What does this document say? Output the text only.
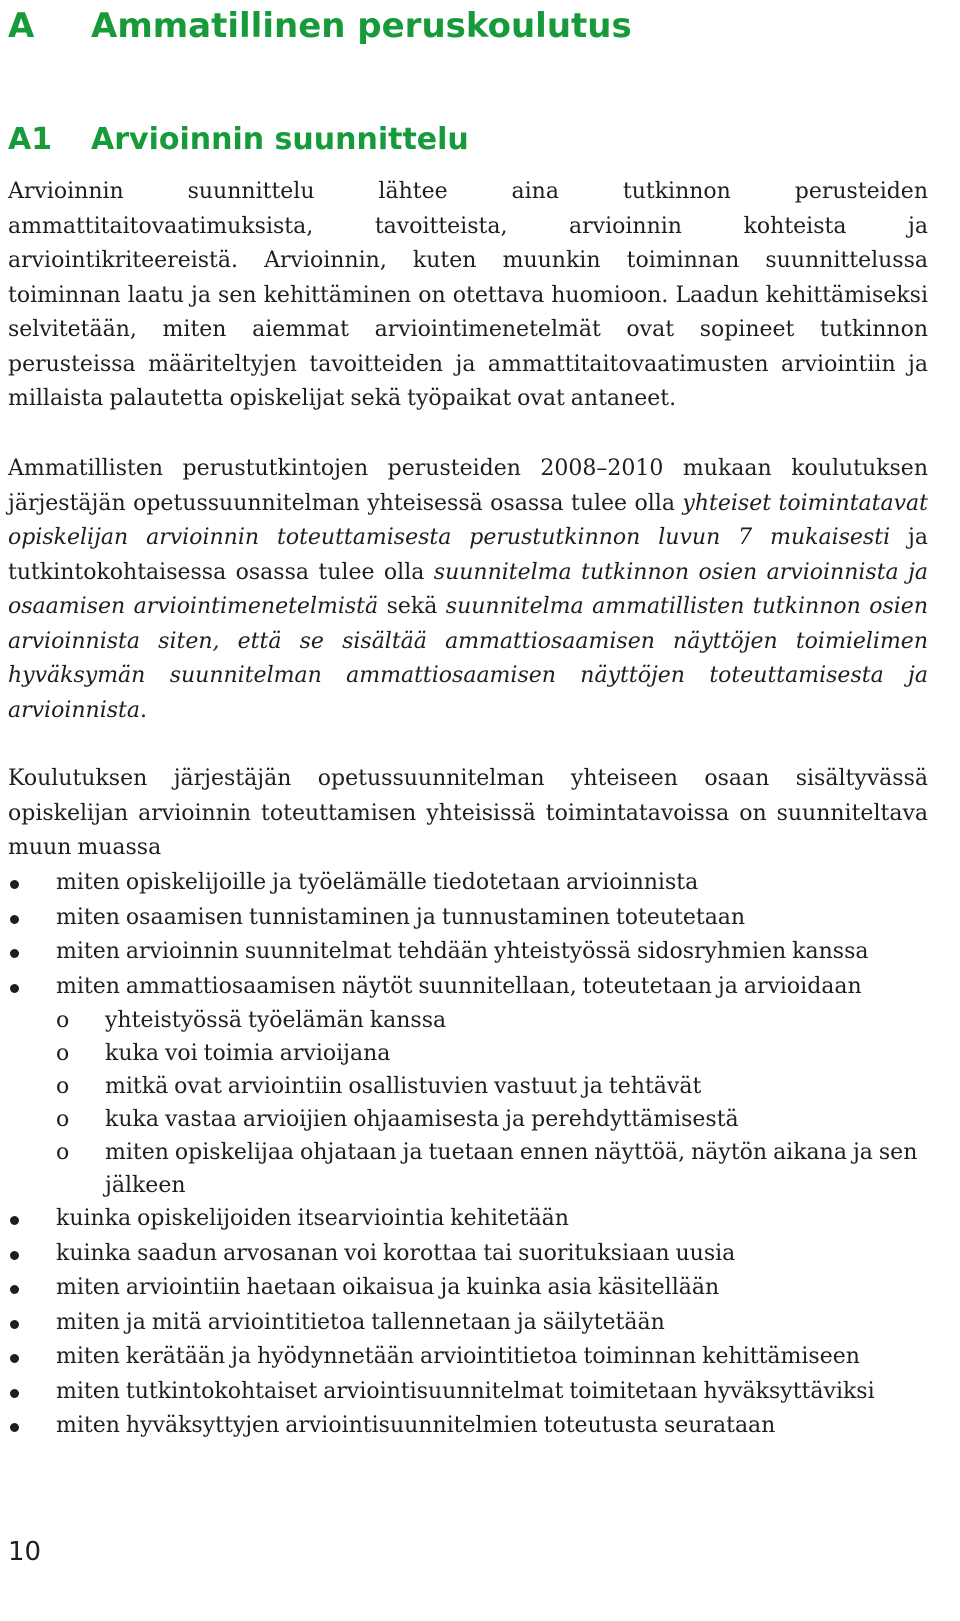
A Ammatillinen peruskoulutus
A1 Arvioinnin suunnittelu

Arvioinnin suunnittelu lähtee aina tutkinnon perusteiden ammattitaitovaatimuksista, tavoitteista, arvioinnin kohteista ja arviointikriteereistä. Arvioinnin, kuten muunkin toiminnan suunnittelussa toiminnan laatu ja sen kehittäminen on otettava huomioon. Laadun kehittämiseksi selvitetään, miten aiemmat arviointimenetelmät ovat sopineet tutkinnon perusteissa määriteltyjen tavoitteiden ja ammattitaitovaatimusten arviointiin ja millaista palautetta opiskelijat sekä työpaikat ovat antaneet.

Ammatillisten perustutkintojen perusteiden 2008–2010 mukaan koulutuksen järjestäjän opetussuunnitelman yhteisessä osassa tulee olla yhteiset toimintatavat opiskelijan arvioinnin toteuttamisesta perustutkinnon luvun 7 mukaisesti ja tutkintokohtaisessa osassa tulee olla suunnitelma tutkinnon osien arvioinnista ja osaamisen arviointimenetelmistä sekä suunnitelma ammatillisten tutkinnon osien arvioinnista siten, että se sisältää ammattiosaamisen näyttöjen toimielimen hyväksymän suunnitelman ammattiosaamisen näyttöjen toteuttamisesta ja arvioinnista.

Koulutuksen järjestäjän opetussuunnitelman yhteiseen osaan sisältyvässä opiskelijan arvioinnin toteuttamisen yhteisissä toimintatavoissa on suunniteltava muun muassa

miten opiskelijoille ja työelämälle tiedotetaan arvioinnista
miten osaamisen tunnistaminen ja tunnustaminen toteutetaan
miten arvioinnin suunnitelmat tehdään yhteistyössä sidosryhmien kanssa
miten ammattiosaamisen näytöt suunnitellaan, toteutetaan ja arvioidaan
o yhteistyössä työelämän kanssa
o kuka voi toimia arvioijana
o mitkä ovat arviointiin osallistuvien vastuut ja tehtävät
o kuka vastaa arvioijien ohjaamisesta ja perehdyttämisestä
o miten opiskelijaa ohjataan ja tuetaan ennen näyttöä, näytön aikana ja sen jälkeen
kuinka opiskelijoiden itsearviointia kehitetään
kuinka saadun arvosanan voi korottaa tai suorituksiaan uusia
miten arviointiin haetaan oikaisua ja kuinka asia käsitellään
miten ja mitä arviointitietoa tallennetaan ja säilytetään
miten kerätään ja hyödynnetään arviointitietoa toiminnan kehittämiseen
miten tutkintokohtaiset arviointisuunnitelmat toimitetaan hyväksyttäviksi
miten hyväksyttyjen arviointisuunnitelmien toteutusta seurataan
10
